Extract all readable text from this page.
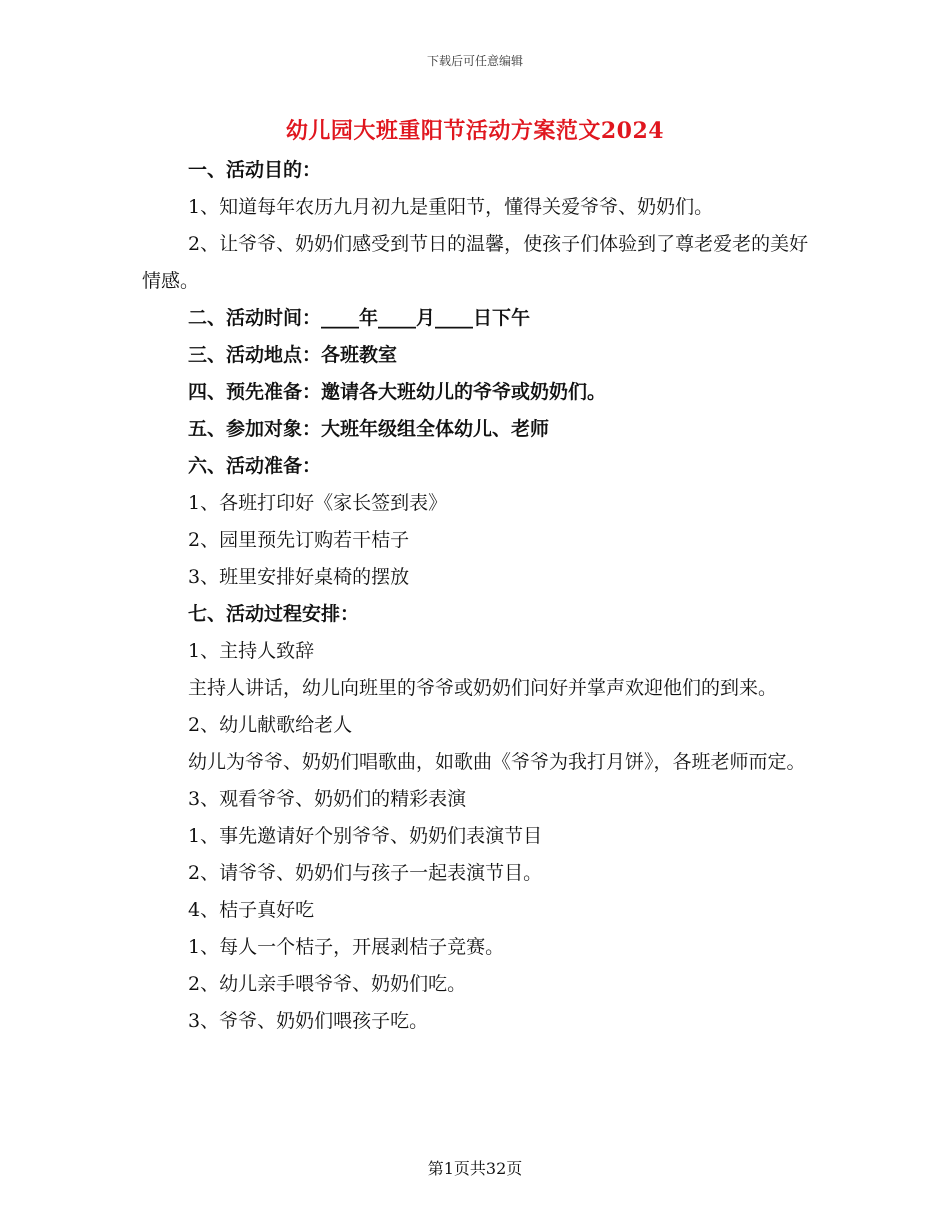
下载后可任意编辑
幼儿园大班重阳节活动方案范文2024

一、活动目的：

1、知道每年农历九月初九是重阳节，懂得关爱爷爷、奶奶们。

2、让爷爷、奶奶们感受到节日的温馨，使孩子们体验到了尊老爱老的美好情感。

二、活动时间：____年____月____日下午

三、活动地点：各班教室

四、预先准备：邀请各大班幼儿的爷爷或奶奶们。

五、参加对象：大班年级组全体幼儿、老师

六、活动准备：

1、各班打印好《家长签到表》

2、园里预先订购若干桔子

3、班里安排好桌椅的摆放

七、活动过程安排：

1、主持人致辞

主持人讲话，幼儿向班里的爷爷或奶奶们问好并掌声欢迎他们的到来。

2、幼儿献歌给老人

幼儿为爷爷、奶奶们唱歌曲，如歌曲《爷爷为我打月饼》，各班老师而定。

3、观看爷爷、奶奶们的精彩表演

1、事先邀请好个别爷爷、奶奶们表演节目

2、请爷爷、奶奶们与孩子一起表演节目。

4、桔子真好吃

1、每人一个桔子，开展剥桔子竞赛。

2、幼儿亲手喂爷爷、奶奶们吃。

3、爷爷、奶奶们喂孩子吃。

第1页共32页
